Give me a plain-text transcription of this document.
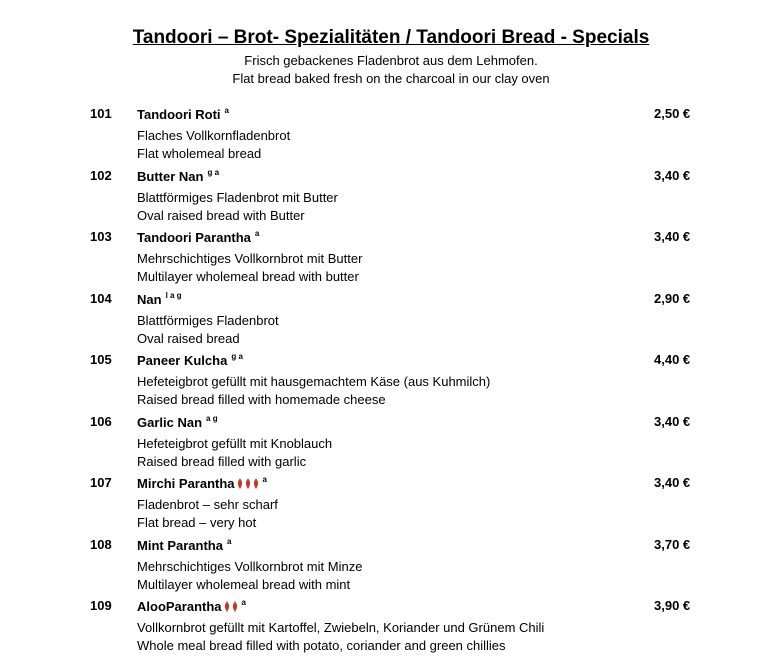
Tandoori – Brot- Spezialitäten / Tandoori Bread - Specials
Frisch gebackenes Fladenbrot aus dem Lehmofen.
Flat bread baked fresh on the charcoal in our clay oven
101 Tandoori Roti $^a$	2,50 €
Flaches Vollkornfladenbrot
Flat wholemeal bread
102 Butter Nan $^{g a}$	3,40 €
Blattförmiges Fladenbrot mit Butter
Oval raised bread with Butter
103 Tandoori Parantha $^a$	3,40 €
Mehrschichtiges Vollkornbrot mit Butter
Multilayer wholemeal bread with butter
104 Nan $^{l a g}$	2,90 €
Blattförmiges Fladenbrot
Oval raised bread
105 Paneer Kulcha $^{g a}$	4,40 €
Hefeteigbrot gefüllt mit hausgemachtem Käse (aus Kuhmilch)
Raised bread filled with homemade cheese
106 Garlic Nan $^{a g}$	3,40 €
Hefeteigbrot gefüllt mit Knoblauch
Raised bread filled with garlic
107 Mirchi Parantha	$^a$	3,40 €
Fladenbrot – sehr scharf
Flat bread – very hot
108 Mint Parantha $^a$	3,70 €
Mehrschichtiges Vollkornbrot mit Minze
Multilayer wholemeal bread with mint
109 AlooParantha	$^a$	3,90 €
Vollkornbrot gefüllt mit Kartoffel, Zwiebeln, Koriander und Grünem Chili
Whole meal bread filled with potato, coriander and green chillies
